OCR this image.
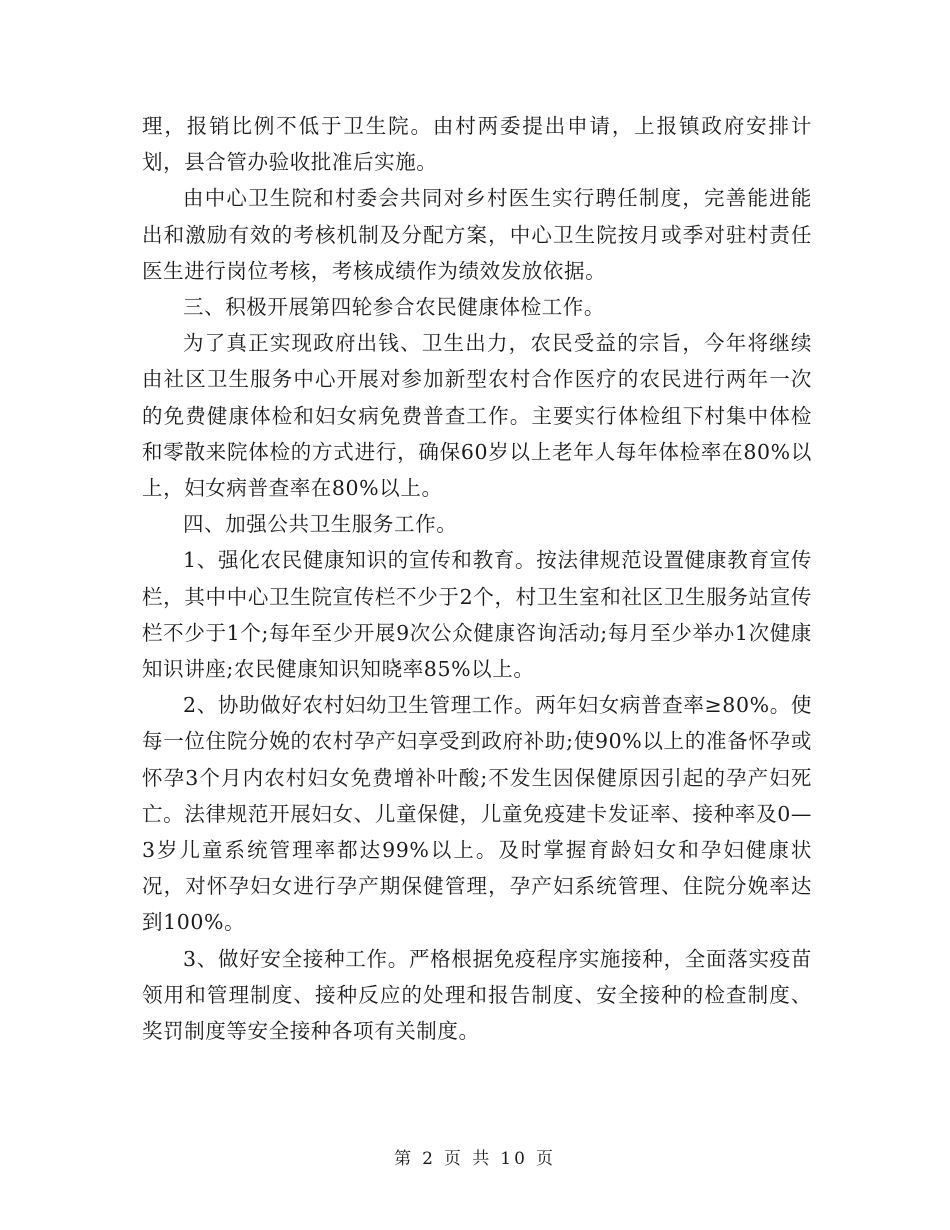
理，报销比例不低于卫生院。由村两委提出申请，上报镇政府安排计划，县合管办验收批准后实施。

由中心卫生院和村委会共同对乡村医生实行聘任制度，完善能进能出和激励有效的考核机制及分配方案，中心卫生院按月或季对驻村责任医生进行岗位考核，考核成绩作为绩效发放依据。

三、积极开展第四轮参合农民健康体检工作。

为了真正实现政府出钱、卫生出力，农民受益的宗旨，今年将继续由社区卫生服务中心开展对参加新型农村合作医疗的农民进行两年一次的免费健康体检和妇女病免费普查工作。主要实行体检组下村集中体检和零散来院体检的方式进行，确保60岁以上老年人每年体检率在80%以上，妇女病普查率在80%以上。

四、加强公共卫生服务工作。

1、强化农民健康知识的宣传和教育。按法律规范设置健康教育宣传栏，其中中心卫生院宣传栏不少于2个，村卫生室和社区卫生服务站宣传栏不少于1个;每年至少开展9次公众健康咨询活动;每月至少举办1次健康知识讲座;农民健康知识知晓率85%以上。

2、协助做好农村妇幼卫生管理工作。两年妇女病普查率≥80%。使每一位住院分娩的农村孕产妇享受到政府补助;使90%以上的准备怀孕或怀孕3个月内农村妇女免费增补叶酸;不发生因保健原因引起的孕产妇死亡。法律规范开展妇女、儿童保健，儿童免疫建卡发证率、接种率及0—3岁儿童系统管理率都达99%以上。及时掌握育龄妇女和孕妇健康状况，对怀孕妇女进行孕产期保健管理，孕产妇系统管理、住院分娩率达到100%。

3、做好安全接种工作。严格根据免疫程序实施接种，全面落实疫苗领用和管理制度、接种反应的处理和报告制度、安全接种的检查制度、奖罚制度等安全接种各项有关制度。

第 2 页 共 10 页
